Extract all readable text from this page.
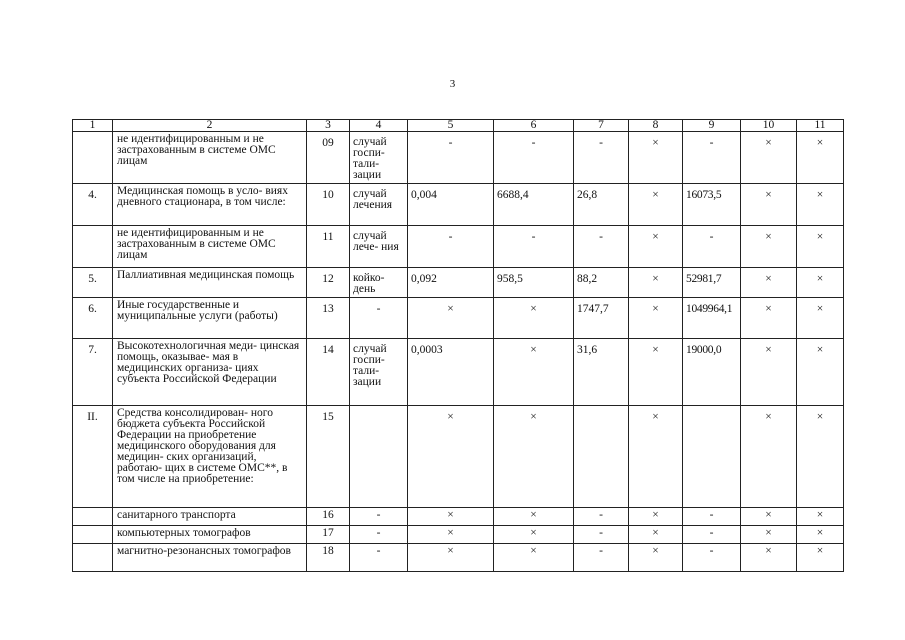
3
1	2	3	4	5	6	7	8	9	10	11
	не идентифицированным и не застрахованным в системе ОМС лицам	09	случай госпи- тали- зации	-	-	-	×	-	×	×
4.	Медицинская помощь в усло- виях дневного стационара, в том числе:	10	случай лечения	0,004	6688,4	26,8	×	16073,5	×	×
	не идентифицированным и не застрахованным в системе ОМС лицам	11	случай лече- ния	-	-	-	×	-	×	×
5.	Паллиативная медицинская помощь	12	койко- день	0,092	958,5	88,2	×	52981,7	×	×
6.	Иные государственные и муниципальные услуги (работы)	13	-	×	×	1747,7	×	1049964,1	×	×
7.	Высокотехнологичная меди- цинская помощь, оказывае- мая в медицинских организа- циях субъекта Российской Федерации	14	случай госпи- тали- зации	0,0003	×	31,6	×	19000,0	×	×
II.	Средства консолидирован- ного бюджета субъекта Российской Федерации на приобретение медицинского оборудования для медицин- ских организаций, работаю- щих в системе ОМС**, в том числе на приобретение:	15		×	×		×		×	×
	санитарного транспорта	16	-	×	×	-	×	-	×	×
	компьютерных томографов	17	-	×	×	-	×	-	×	×
	магнитно-резонансных томографов	18	-	×	×	-	×	-	×	×
